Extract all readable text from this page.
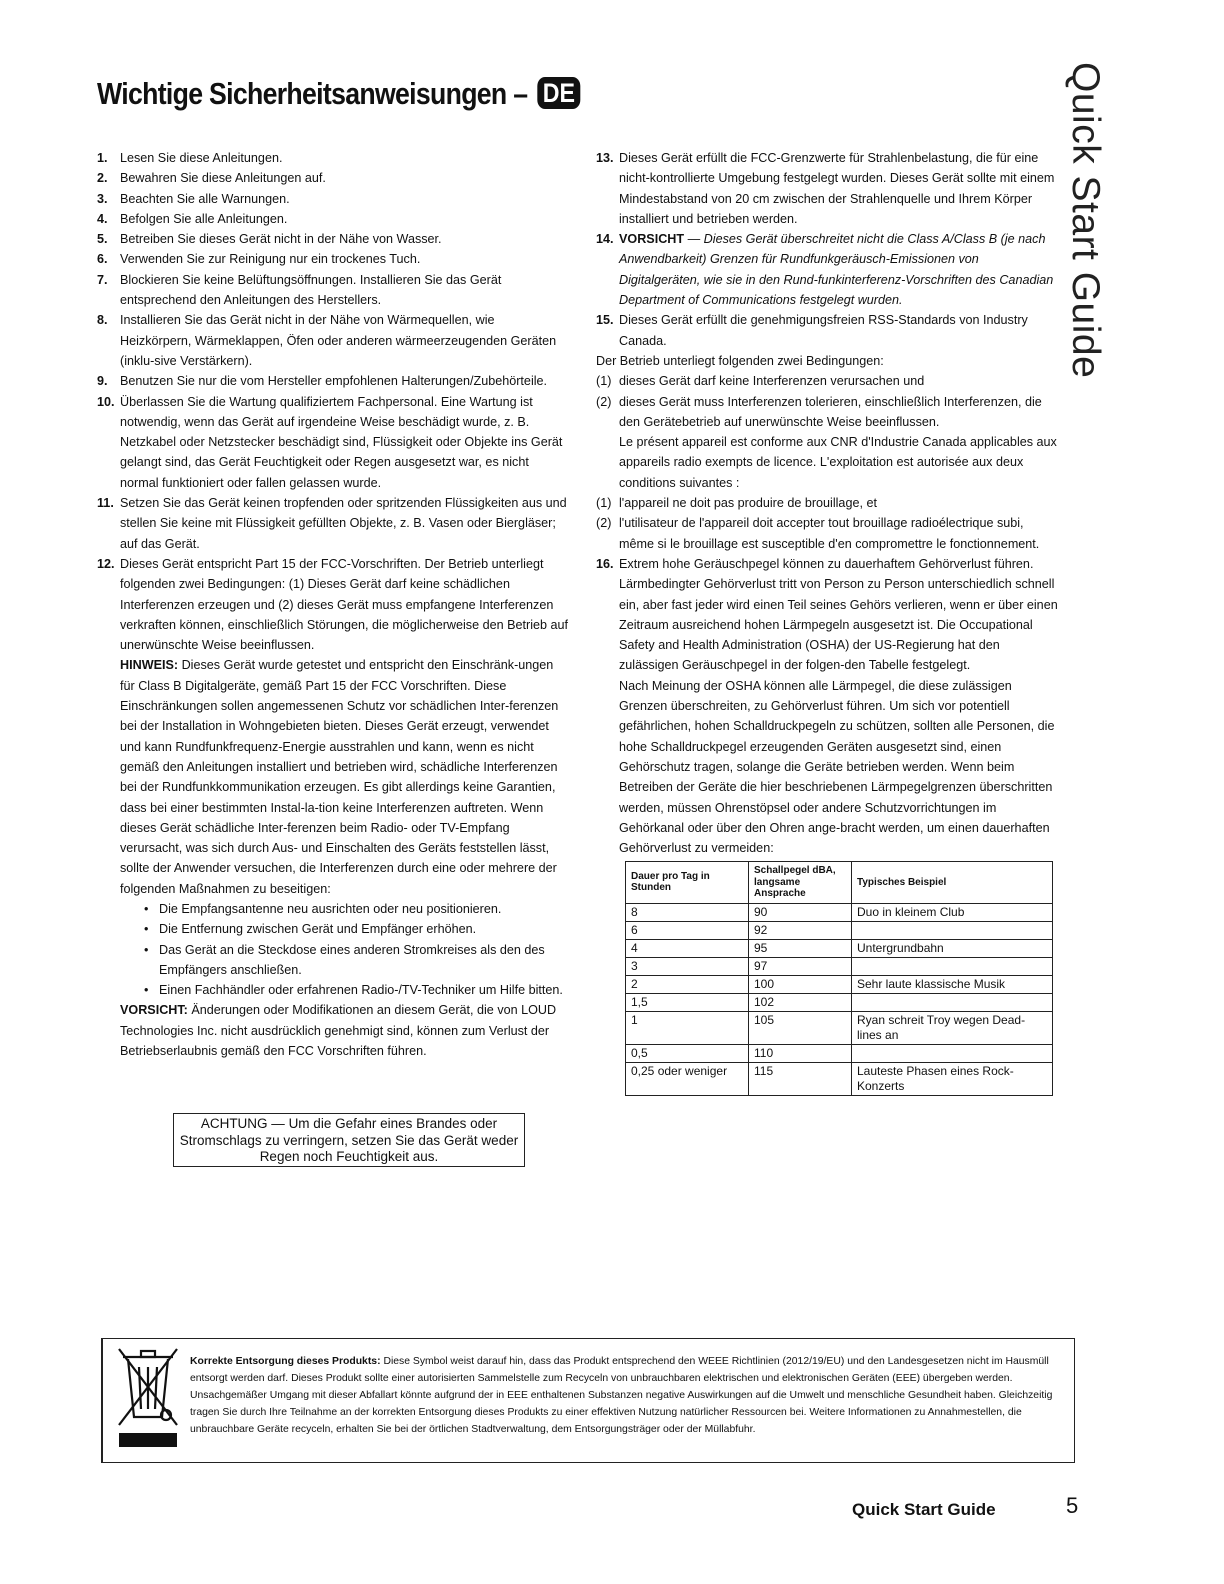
Wichtige Sicherheitsanweisungen – DE	Quick Start Guide
1. Lesen Sie diese Anleitungen.
2. Bewahren Sie diese Anleitungen auf.
3. Beachten Sie alle Warnungen.
4. Befolgen Sie alle Anleitungen.
5. Betreiben Sie dieses Gerät nicht in der Nähe von Wasser.
6. Verwenden Sie zur Reinigung nur ein trockenes Tuch.
7. Blockieren Sie keine Belüftungsöffnungen. Installieren Sie das Gerät entsprechend den Anleitungen des Herstellers.
8. Installieren Sie das Gerät nicht in der Nähe von Wärmequellen, wie Heizkörpern, Wärmeklappen, Öfen oder anderen wärmeerzeugenden Geräten (inklu-sive Verstärkern).
9. Benutzen Sie nur die vom Hersteller empfohlenen Halterungen/Zubehörteile.
10. Überlassen Sie die Wartung qualifiziertem Fachpersonal. Eine Wartung ist notwendig, wenn das Gerät auf irgendeine Weise beschädigt wurde, z. B. Netzkabel oder Netzstecker beschädigt sind, Flüssigkeit oder Objekte ins Gerät gelangt sind, das Gerät Feuchtigkeit oder Regen ausgesetzt war, es nicht normal funktioniert oder fallen gelassen wurde.
11. Setzen Sie das Gerät keinen tropfenden oder spritzenden Flüssigkeiten aus und stellen Sie keine mit Flüssigkeit gefüllten Objekte, z. B. Vasen oder Biergläser; auf das Gerät.
12. Dieses Gerät entspricht Part 15 der FCC-Vorschriften. Der Betrieb unterliegt folgenden zwei Bedingungen: (1) Dieses Gerät darf keine schädlichen Interferenzen erzeugen und (2) dieses Gerät muss empfangene Interferenzen verkraften können, einschließlich Störungen, die möglicherweise den Betrieb auf unerwünschte Weise beeinflussen.

HINWEIS: Dieses Gerät wurde getestet und entspricht den Einschränk-ungen für Class B Digitalgeräte, gemäß Part 15 der FCC Vorschriften. Diese Einschränkungen sollen angemessenen Schutz vor schädlichen Inter-ferenzen bei der Installation in Wohngebieten bieten. Dieses Gerät erzeugt, verwendet und kann Rundfunkfrequenz-Energie ausstrahlen und kann, wenn es nicht gemäß den Anleitungen installiert und betrieben wird, schädliche Interferenzen bei der Rundfunkkommunikation erzeugen. Es gibt allerdings keine Garantien, dass bei einer bestimmten Instal-la-tion keine Interferenzen auftreten. Wenn dieses Gerät schädliche Inter-ferenzen beim Radio- oder TV-Empfang verursacht, was sich durch Aus- und Einschalten des Geräts feststellen lässt, sollte der Anwender versuchen, die Interferenzen durch eine oder mehrere der folgenden Maßnahmen zu beseitigen:

• Die Empfangsantenne neu ausrichten oder neu positionieren.
• Die Entfernung zwischen Gerät und Empfänger erhöhen.
• Das Gerät an die Steckdose eines anderen Stromkreises als den des Empfängers anschließen.
• Einen Fachhändler oder erfahrenen Radio-/TV-Techniker um Hilfe bitten.

VORSICHT: Änderungen oder Modifikationen an diesem Gerät, die von LOUD Technologies Inc. nicht ausdrücklich genehmigt sind, können zum Verlust der Betriebserlaubnis gemäß den FCC Vorschriften führen.

ACHTUNG — Um die Gefahr eines Brandes oder Stromschlags zu verringern, setzen Sie das Gerät weder Regen noch Feuchtigkeit aus.
13. Dieses Gerät erfüllt die FCC-Grenzwerte für Strahlenbelastung, die für eine nicht-kontrollierte Umgebung festgelegt wurden. Dieses Gerät sollte mit einem Mindestabstand von 20 cm zwischen der Strahlenquelle und Ihrem Körper installiert und betrieben werden.
14. VORSICHT — Dieses Gerät überschreitet nicht die Class A/Class B (je nach Anwendbarkeit) Grenzen für Rundfunkgeräusch-Emissionen von Digitalgeräten, wie sie in den Rund-funkinterferenz-Vorschriften des Canadian Department of Communications festgelegt wurden.
15. Dieses Gerät erfüllt die genehmigungsfreien RSS-Standards von Industry Canada.

Der Betrieb unterliegt folgenden zwei Bedingungen:

(1) dieses Gerät darf keine Interferenzen verursachen und
(2) dieses Gerät muss Interferenzen tolerieren, einschließlich Interferenzen, die den Gerätebetrieb auf unerwünschte Weise beeinflussen.

Le présent appareil est conforme aux CNR d'Industrie Canada applicables aux appareils radio exempts de licence. L'exploitation est autorisée aux deux conditions suivantes :

(1) l'appareil ne doit pas produire de brouillage, et
(2) l'utilisateur de l'appareil doit accepter tout brouillage radioélectrique subi, même si le brouillage est susceptible d'en compromettre le fonctionnement.
16. Extrem hohe Geräuschpegel können zu dauerhaftem Gehörverlust führen. Lärmbedingter Gehörverlust tritt von Person zu Person unterschiedlich schnell ein, aber fast jeder wird einen Teil seines Gehörs verlieren, wenn er über einen Zeitraum ausreichend hohen Lärmpegeln ausgesetzt ist. Die Occupational Safety and Health Administration (OSHA) der US-Regierung hat den zulässigen Geräuschpegel in der folgen-den Tabelle festgelegt.

Nach Meinung der OSHA können alle Lärmpegel, die diese zulässigen Grenzen überschreiten, zu Gehörverlust führen. Um sich vor potentiell gefährlichen, hohen Schalldruckpegeln zu schützen, sollten alle Personen, die hohe Schalldruckpegel erzeugenden Geräten ausgesetzt sind, einen Gehörschutz tragen, solange die Geräte betrieben werden. Wenn beim Betreiben der Geräte die hier beschriebenen Lärmpegelgrenzen überschritten werden, müssen Ohrenstöpsel oder andere Schutzvorrichtungen im Gehörkanal oder über den Ohren ange-bracht werden, um einen dauerhaften Gehörverlust zu vermeiden:

Dauer pro Tag in Stunden	Schallpegel dBA, langsame Ansprache	Typisches Beispiel
8	90	Duo in kleinem Club
6	92	
4	95	Untergrundbahn
3	97	
2	100	Sehr laute klassische Musik
1,5	102	
1	105	Ryan schreit Troy wegen Dead-lines an
0,5	110	
0,25 oder weniger	115	Lauteste Phasen eines Rock-Konzerts
Korrekte Entsorgung dieses Produkts: Diese Symbol weist darauf hin, dass das Produkt entsprechend den WEEE Richtlinien (2012/19/EU) und den Landesgesetzen nicht im Hausmüll entsorgt werden darf. Dieses Produkt sollte einer autorisierten Sammelstelle zum Recyceln von unbrauchbaren elektrischen und elektronischen Geräten (EEE) übergeben werden. Unsachgemäßer Umgang mit dieser Abfallart könnte aufgrund der in EEE enthaltenen Substanzen negative Auswirkungen auf die Umwelt und menschliche Gesundheit haben. Gleichzeitig tragen Sie durch Ihre Teilnahme an der korrekten Entsorgung dieses Produkts zu einer effektiven Nutzung natürlicher Ressourcen bei. Weitere Informationen zu Annahmestellen, die unbrauchbare Geräte recyceln, erhalten Sie bei der örtlichen Stadtverwaltung, dem Entsorgungsträger oder der Müllabfuhr.

Quick Start Guide	5
